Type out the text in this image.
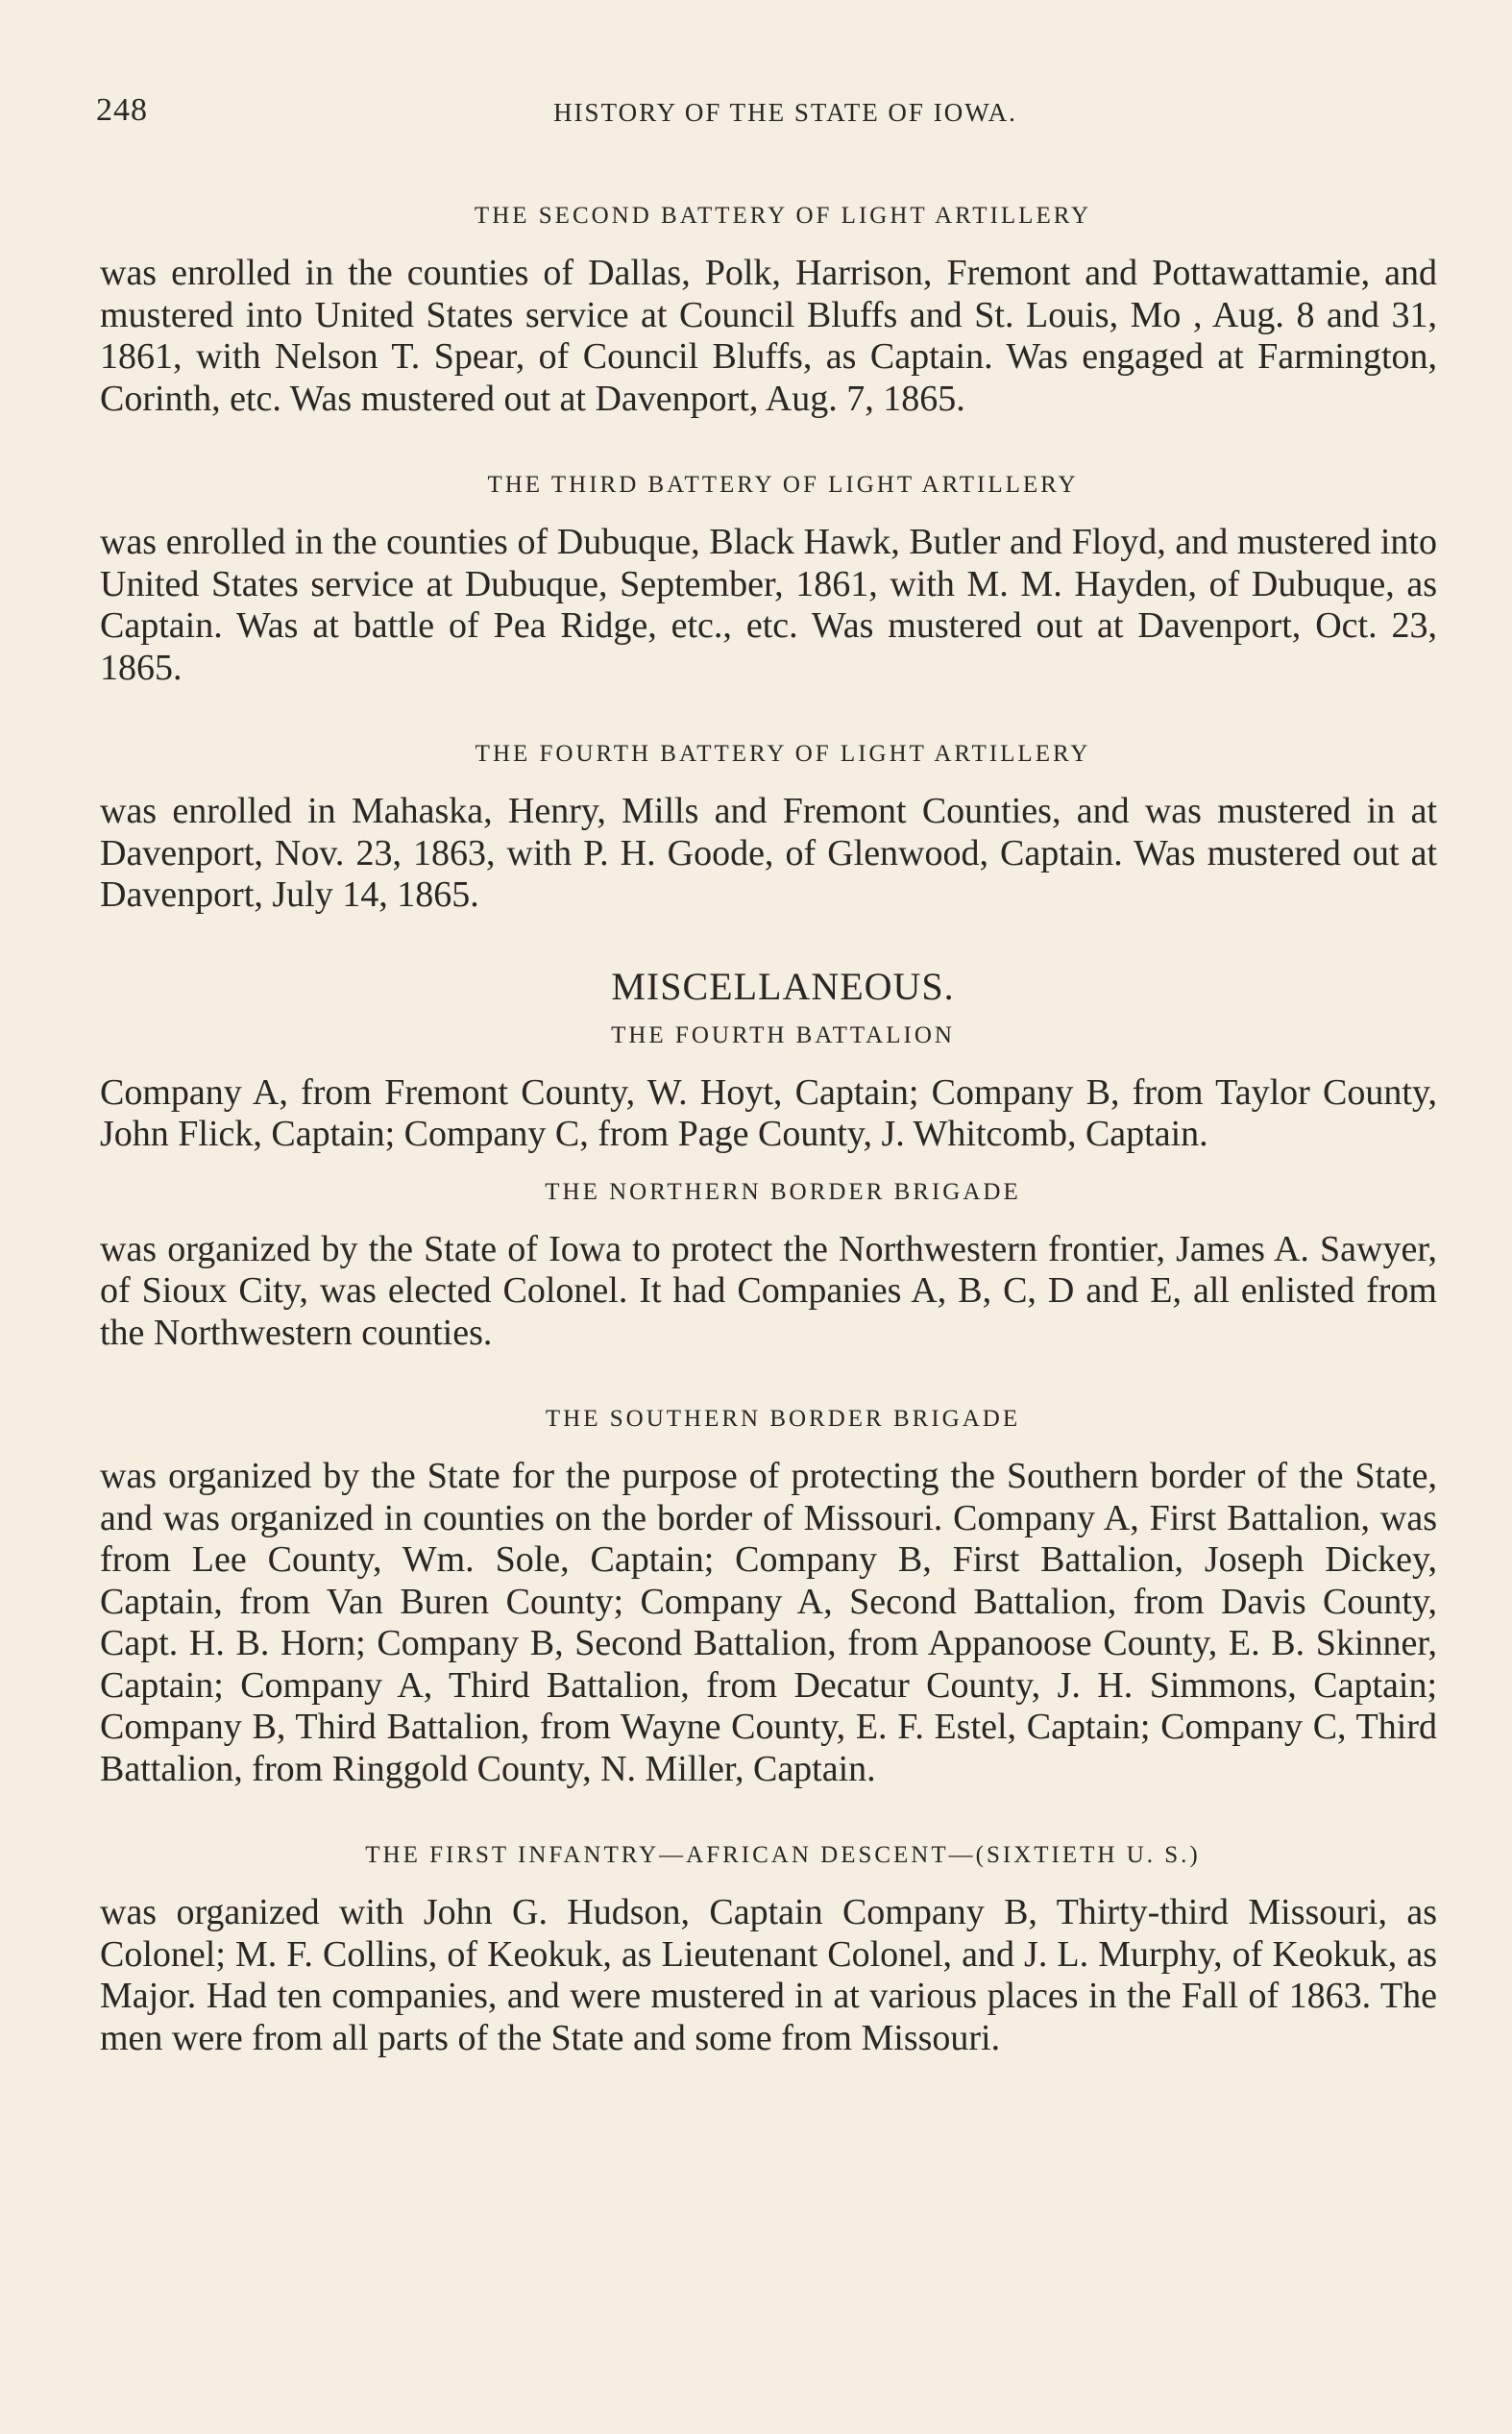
248	HISTORY OF THE STATE OF IOWA.
THE SECOND BATTERY OF LIGHT ARTILLERY

was enrolled in the counties of Dallas, Polk, Harrison, Fremont and Pottawattamie, and mustered into United States service at Council Bluffs and St. Louis, Mo , Aug. 8 and 31, 1861, with Nelson T. Spear, of Council Bluffs, as Captain. Was engaged at Farmington, Corinth, etc. Was mustered out at Davenport, Aug. 7, 1865.

THE THIRD BATTERY OF LIGHT ARTILLERY

was enrolled in the counties of Dubuque, Black Hawk, Butler and Floyd, and mustered into United States service at Dubuque, September, 1861, with M. M. Hayden, of Dubuque, as Captain. Was at battle of Pea Ridge, etc., etc. Was mustered out at Davenport, Oct. 23, 1865.

THE FOURTH BATTERY OF LIGHT ARTILLERY

was enrolled in Mahaska, Henry, Mills and Fremont Counties, and was mustered in at Davenport, Nov. 23, 1863, with P. H. Goode, of Glenwood, Captain. Was mustered out at Davenport, July 14, 1865.

MISCELLANEOUS.
THE FOURTH BATTALION

Company A, from Fremont County, W. Hoyt, Captain; Company B, from Taylor County, John Flick, Captain; Company C, from Page County, J. Whitcomb, Captain.

THE NORTHERN BORDER BRIGADE

was organized by the State of Iowa to protect the Northwestern frontier, James A. Sawyer, of Sioux City, was elected Colonel. It had Companies A, B, C, D and E, all enlisted from the Northwestern counties.

THE SOUTHERN BORDER BRIGADE

was organized by the State for the purpose of protecting the Southern border of the State, and was organized in counties on the border of Missouri. Company A, First Battalion, was from Lee County, Wm. Sole, Captain; Company B, First Battalion, Joseph Dickey, Captain, from Van Buren County; Company A, Second Battalion, from Davis County, Capt. H. B. Horn; Company B, Second Battalion, from Appanoose County, E. B. Skinner, Captain; Company A, Third Battalion, from Decatur County, J. H. Simmons, Captain; Company B, Third Battalion, from Wayne County, E. F. Estel, Captain; Company C, Third Battalion, from Ringgold County, N. Miller, Captain.

THE FIRST INFANTRY—AFRICAN DESCENT—(SIXTIETH U. S.)

was organized with John G. Hudson, Captain Company B, Thirty-third Missouri, as Colonel; M. F. Collins, of Keokuk, as Lieutenant Colonel, and J. L. Murphy, of Keokuk, as Major. Had ten companies, and were mustered in at various places in the Fall of 1863. The men were from all parts of the State and some from Missouri.
